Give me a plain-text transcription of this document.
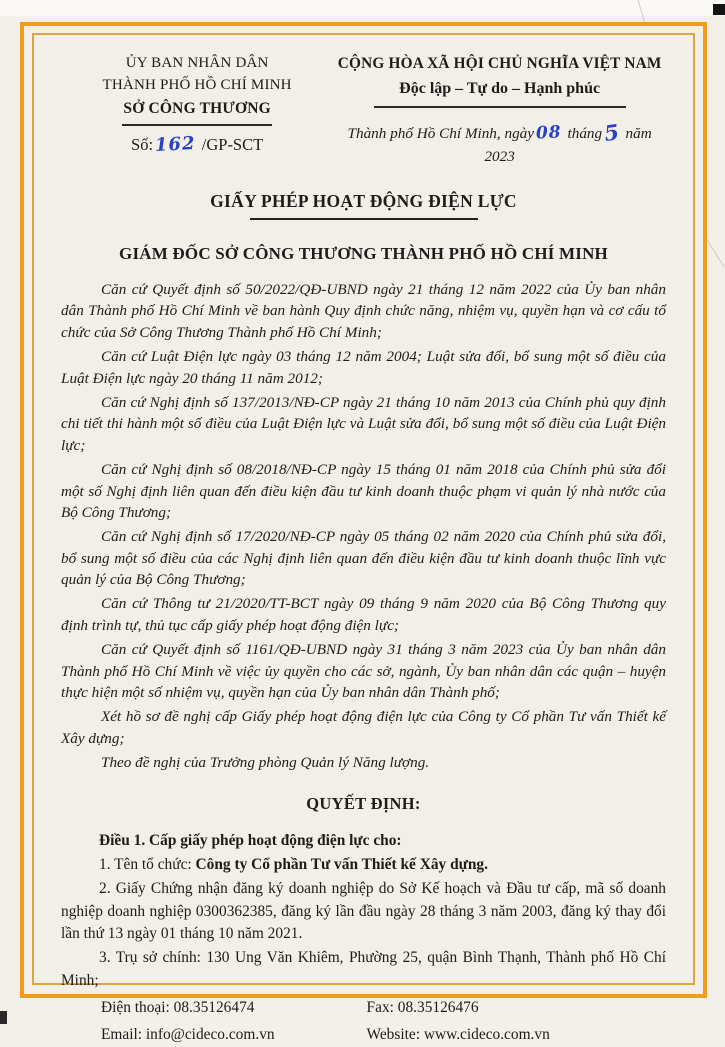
ỦY BAN NHÂN DÂN
THÀNH PHỐ HỒ CHÍ MINH
SỞ CÔNG THƯƠNG
Số:162 /GP-SCT
CỘNG HÒA XÃ HỘI CHỦ NGHĨA VIỆT NAM
Độc lập – Tự do – Hạnh phúc
Thành phố Hồ Chí Minh, ngày08 tháng5 năm 2023
GIẤY PHÉP HOẠT ĐỘNG ĐIỆN LỰC
GIÁM ĐỐC SỞ CÔNG THƯƠNG THÀNH PHỐ HỒ CHÍ MINH

Căn cứ Quyết định số 50/2022/QĐ-UBND ngày 21 tháng 12 năm 2022 của Ủy ban nhân dân Thành phố Hồ Chí Minh về ban hành Quy định chức năng, nhiệm vụ, quyền hạn và cơ cấu tổ chức của Sở Công Thương Thành phố Hồ Chí Minh;

Căn cứ Luật Điện lực ngày 03 tháng 12 năm 2004; Luật sửa đổi, bổ sung một số điều của Luật Điện lực ngày 20 tháng 11 năm 2012;

Căn cứ Nghị định số 137/2013/NĐ-CP ngày 21 tháng 10 năm 2013 của Chính phủ quy định chi tiết thi hành một số điều của Luật Điện lực và Luật sửa đổi, bổ sung một số điều của Luật Điện lực;

Căn cứ Nghị định số 08/2018/NĐ-CP ngày 15 tháng 01 năm 2018 của Chính phủ sửa đổi một số Nghị định liên quan đến điều kiện đầu tư kinh doanh thuộc phạm vi quản lý nhà nước của Bộ Công Thương;

Căn cứ Nghị định số 17/2020/NĐ-CP ngày 05 tháng 02 năm 2020 của Chính phủ sửa đổi, bổ sung một số điều của các Nghị định liên quan đến điều kiện đầu tư kinh doanh thuộc lĩnh vực quản lý của Bộ Công Thương;

Căn cứ Thông tư 21/2020/TT-BCT ngày 09 tháng 9 năm 2020 của Bộ Công Thương quy định trình tự, thủ tục cấp giấy phép hoạt động điện lực;

Căn cứ Quyết định số 1161/QĐ-UBND ngày 31 tháng 3 năm 2023 của Ủy ban nhân dân Thành phố Hồ Chí Minh về việc ủy quyền cho các sở, ngành, Ủy ban nhân dân các quận – huyện thực hiện một số nhiệm vụ, quyền hạn của Ủy ban nhân dân Thành phố;

Xét hồ sơ đề nghị cấp Giấy phép hoạt động điện lực của Công ty Cổ phần Tư vấn Thiết kế Xây dựng;

Theo đề nghị của Trưởng phòng Quản lý Năng lượng.

QUYẾT ĐỊNH:

Điều 1. Cấp giấy phép hoạt động điện lực cho:

1. Tên tổ chức: Công ty Cổ phần Tư vấn Thiết kế Xây dựng.

2. Giấy Chứng nhận đăng ký doanh nghiệp do Sở Kế hoạch và Đầu tư cấp, mã số doanh nghiệp doanh nghiệp 0300362385, đăng ký lần đầu ngày 28 tháng 3 năm 2003, đăng ký thay đổi lần thứ 13 ngày 01 tháng 10 năm 2021.

3. Trụ sở chính: 130 Ung Văn Khiêm, Phường 25, quận Bình Thạnh, Thành phố Hồ Chí Minh;

Điện thoại: 08.35126474	Fax: 08.35126476
Email: info@cideco.com.vn	Website: www.cideco.com.vn
